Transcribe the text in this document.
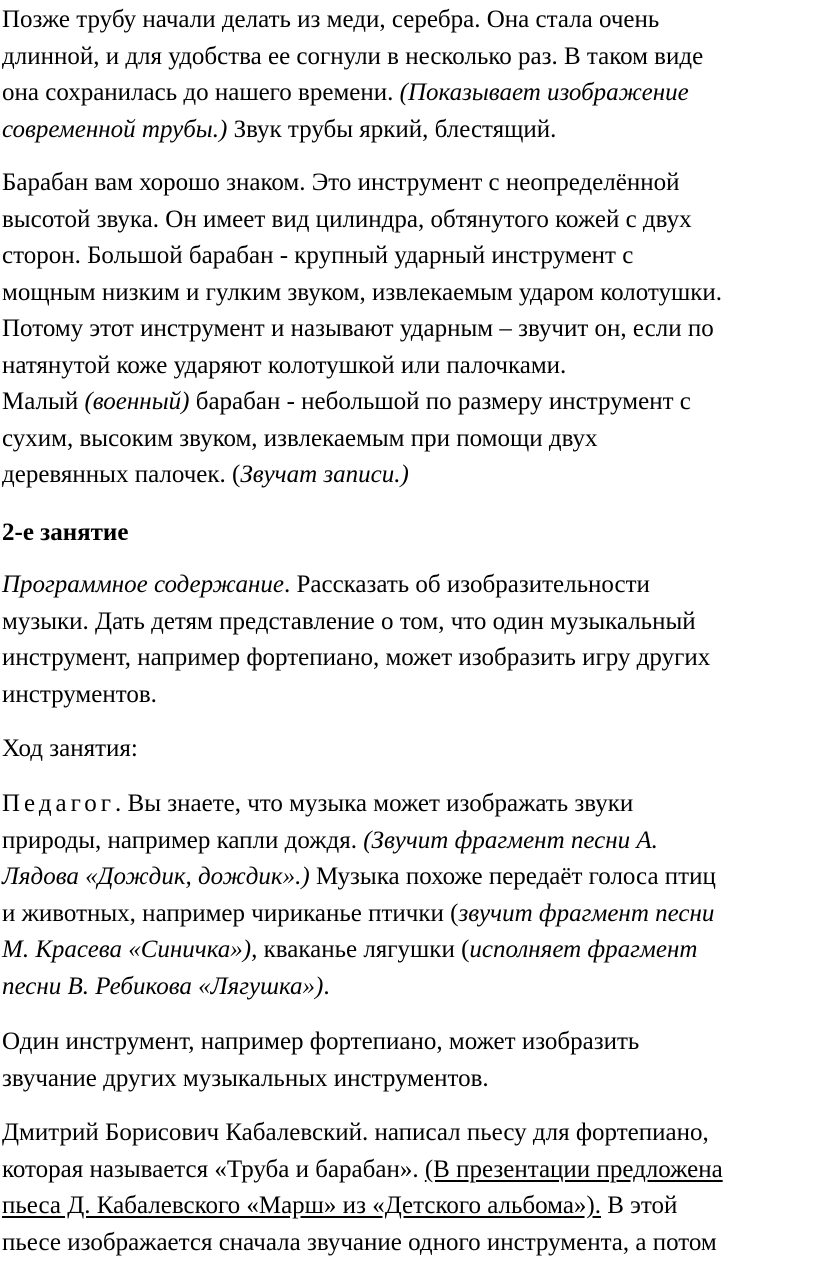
Позже трубу начали делать из меди, серебра. Она стала очень
длинной, и для удобства ее согнули в несколько раз. В таком виде
она сохранилась до нашего времени. (Показывает изображение
современной трубы.) Звук трубы яркий, блестящий.
Барабан вам хорошо знаком. Это инструмент с неопределённой
высотой звука. Он имеет вид цилиндра, обтянутого кожей с двух
сторон. Большой барабан - крупный ударный инструмент с
мощным низким и гулким звуком, извлекаемым ударом колотушки.
Потому этот инструмент и называют ударным – звучит он, если по
натянутой коже ударяют колотушкой или палочками.
Малый (военный) барабан - небольшой по размеру инструмент с
сухим, высоким звуком, извлекаемым при помощи двух
деревянных палочек. (Звучат записи.)
2-е занятие
Программное содержание. Рассказать об изобразительности
музыки. Дать детям представление о том, что один музыкальный
инструмент, например фортепиано, может изобразить игру других
инструментов.
Ход занятия:
Педагог. Вы знаете, что музыка может изображать звуки
природы, например капли дождя. (Звучит фрагмент песни А.
Лядова «Дождик, дождик».) Музыка похоже передаёт голоса птиц
и животных, например чириканье птички (звучит фрагмент песни
М. Красева «Синичка»), кваканье лягушки (исполняет фрагмент
песни В. Ребикова «Лягушка»).
Один инструмент, например фортепиано, может изобразить
звучание других музыкальных инструментов.
Дмитрий Борисович Кабалевский. написал пьесу для фортепиано,
которая называется «Труба и барабан». (В презентации предложена
пьеса Д. Кабалевского «Марш» из «Детского альбома»). В этой
пьесе изображается сначала звучание одного инструмента, а потом
